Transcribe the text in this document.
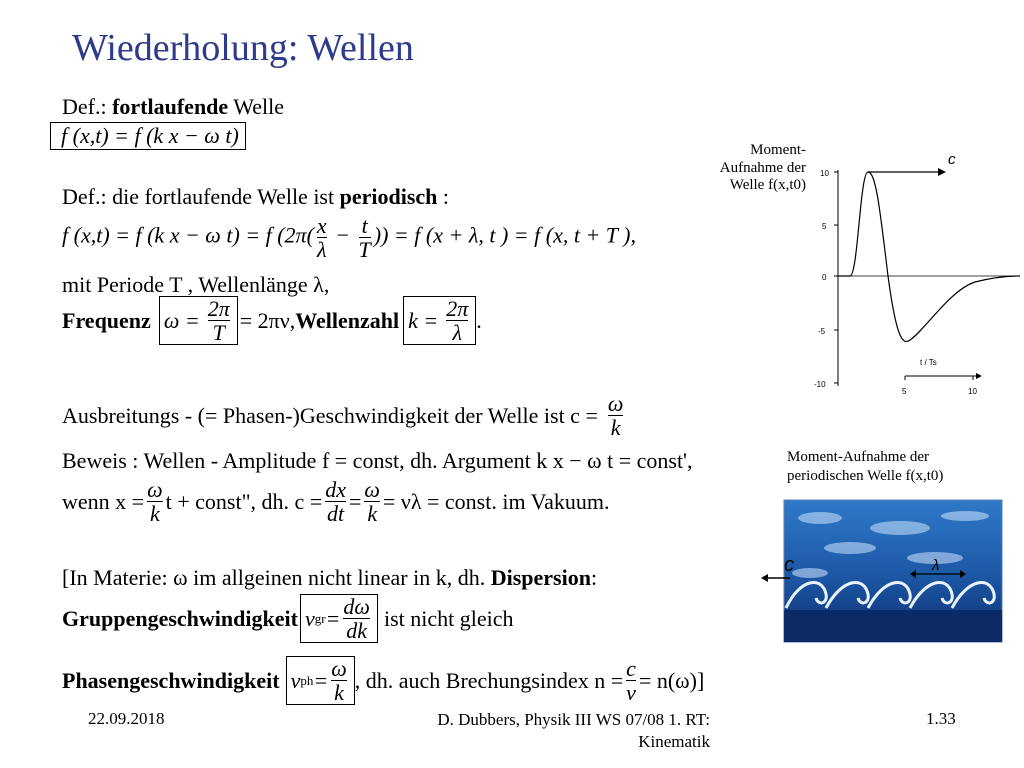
Wiederholung: Wellen
Def.: fortlaufende Welle
f (x,t) = f (k x − ω t)
Def.: die fortlaufende Welle ist periodisch :
f (x,t) = f (k x − ω t) = f ($2\pi( \frac{x}{\lambda} - \frac{t}{T}$ )) = f (x + λ, t ) = f (x, t + T ),
mit Periode T , Wellenlänge λ,
Frequenz $\omega = \frac{2\pi}{T} = 2\pi\nu$, Wellenzahl $k = \frac{2\pi}{\lambda}$ .
Ausbreitungs - (= Phasen-)Geschwindigkeit der Welle ist $c = \frac{\omega}{k}$
Beweis : Wellen - Amplitude f = const, dh. Argument k x − ω t = const',
wenn $x = \frac{\omega}{k}$ t + const", dh. $c = \frac{dx}{dt} = \frac{\omega}{k} = \nu\lambda$ = const. im Vakuum.
[In Materie: ω im allgeinen nicht linear in k, dh. Dispersion:
Gruppengeschwindigkeit v gr = $\frac{d\omega}{dk}$ ist nicht gleich
Phasengeschwindigkeit v ph = $\frac{\omega}{k}$ , dh. auch Brechungsindex $n = \frac{c}{v} = n(\omega)$]
Moment-
Aufnahme der
Welle f(x,t0)
10
5
0
-5
-10
c
t / Ts
5	10
Moment-Aufnahme der
periodischen Welle f(x,t0)
c	λ
22.09.2018	D. Dubbers, Physik III WS 07/08 1. RT: Kinematik
1.33
